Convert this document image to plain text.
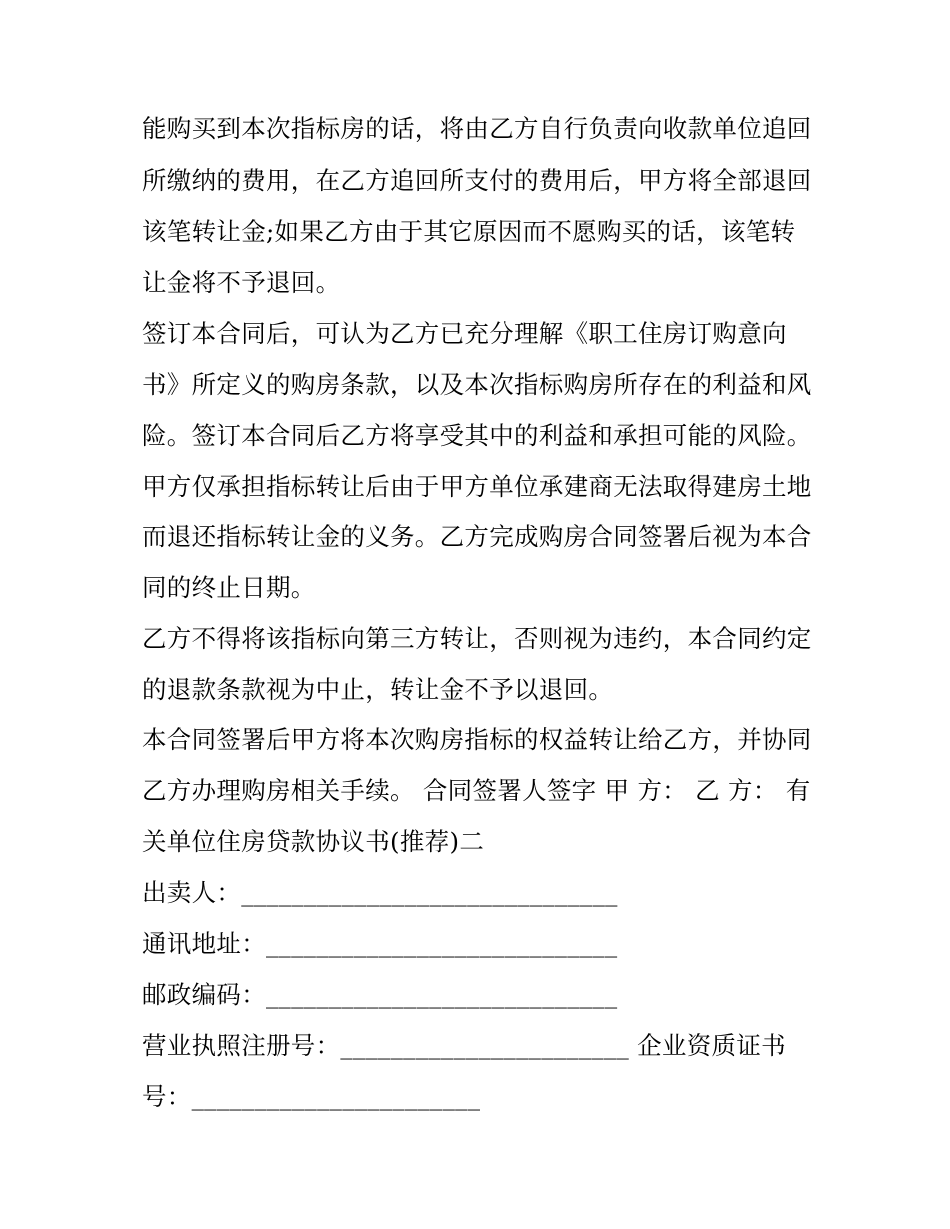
能购买到本次指标房的话，将由乙方自行负责向收款单位追回
所缴纳的费用，在乙方追回所支付的费用后，甲方将全部退回
该笔转让金;如果乙方由于其它原因而不愿购买的话，该笔转
让金将不予退回。
签订本合同后，可认为乙方已充分理解《职工住房订购意向
书》所定义的购房条款，以及本次指标购房所存在的利益和风
险。签订本合同后乙方将享受其中的利益和承担可能的风险。
甲方仅承担指标转让后由于甲方单位承建商无法取得建房土地
而退还指标转让金的义务。乙方完成购房合同签署后视为本合
同的终止日期。
乙方不得将该指标向第三方转让，否则视为违约，本合同约定
的退款条款视为中止，转让金不予以退回。
本合同签署后甲方将本次购房指标的权益转让给乙方，并协同
乙方办理购房相关手续。 合同签署人签字 甲 方： 乙 方： 有
关单位住房贷款协议书(推荐)二
出卖人：______________________________
通讯地址：____________________________
邮政编码：____________________________
营业执照注册号：_______________________ 企业资质证书
号：_______________________
